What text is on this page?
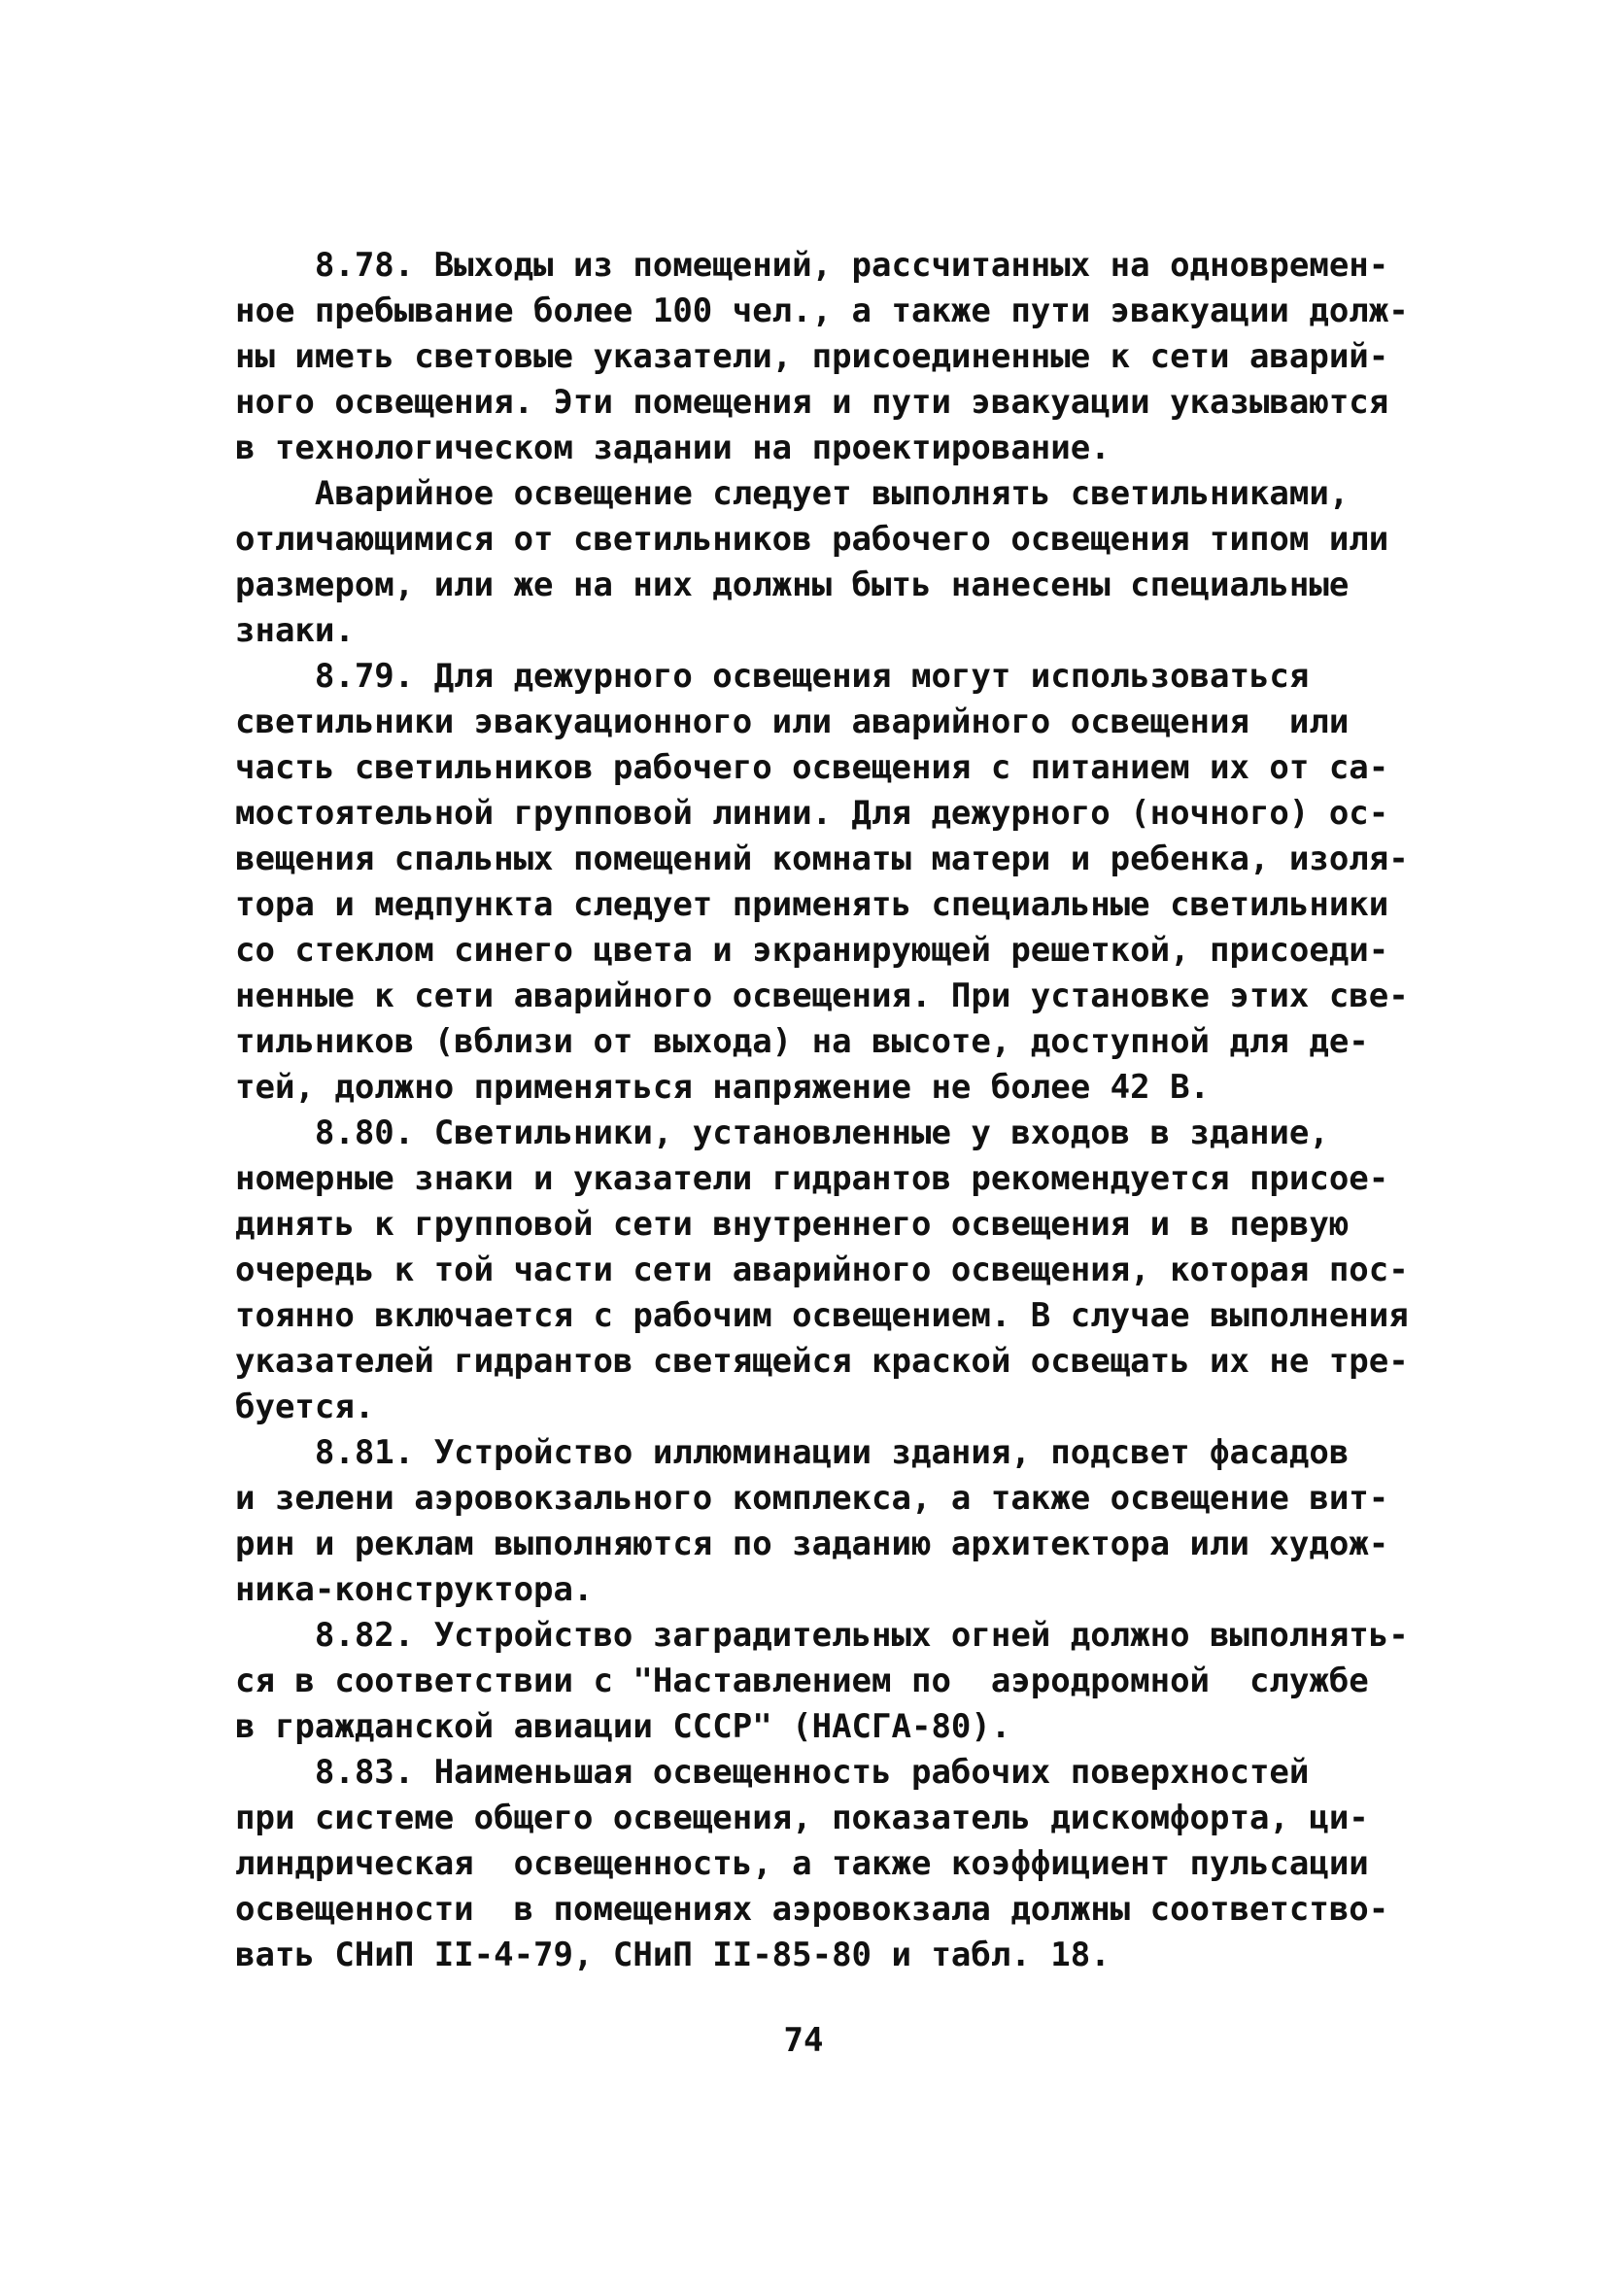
8.78. Выходы из помещений, рассчитанных на одновремен-
ное пребывание более 100 чел., а также пути эвакуации долж-
ны иметь световые указатели, присоединенные к сети аварий-
ного освещения. Эти помещения и пути эвакуации указываются
в технологическом задании на проектирование.
Аварийное освещение следует выполнять светильниками,
отличающимися от светильников рабочего освещения типом или
размером, или же на них должны быть нанесены специальные
знаки.
8.79. Для дежурного освещения могут использоваться
светильники эвакуационного или аварийного освещения  или
часть светильников рабочего освещения с питанием их от са-
мостоятельной групповой линии. Для дежурного (ночного) ос-
вещения спальных помещений комнаты матери и ребенка, изоля-
тора и медпункта следует применять специальные светильники
со стеклом синего цвета и экранирующей решеткой, присоеди-
ненные к сети аварийного освещения. При установке этих све-
тильников (вблизи от выхода) на высоте, доступной для де-
тей, должно применяться напряжение не более 42 В.
8.80. Светильники, установленные у входов в здание,
номерные знаки и указатели гидрантов рекомендуется присое-
динять к групповой сети внутреннего освещения и в первую
очередь к той части сети аварийного освещения, которая пос-
тоянно включается с рабочим освещением. В случае выполнения
указателей гидрантов светящейся краской освещать их не тре-
буется.
8.81. Устройство иллюминации здания, подсвет фасадов
и зелени аэровокзального комплекса, а также освещение вит-
рин и реклам выполняются по заданию архитектора или худож-
ника-конструктора.
8.82. Устройство заградительных огней должно выполнять-
ся в соответствии с "Наставлением по  аэродромной  службе
в гражданской авиации СССР" (НАСГА-80).
8.83. Наименьшая освещенность рабочих поверхностей
при системе общего освещения, показатель дискомфорта, ци-
линдрическая  освещенность, а также коэффициент пульсации
освещенности  в помещениях аэровокзала должны соответство-
вать СНиП II-4-79, СНиП II-85-80 и табл. 18.
74
